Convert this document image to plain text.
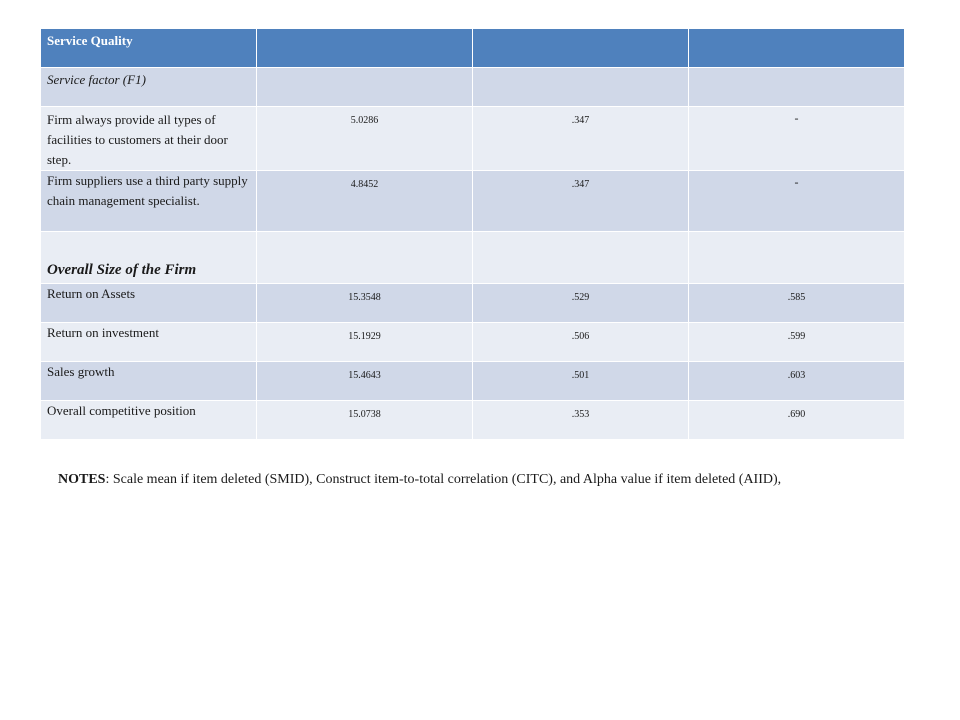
Service Quality			

Service factor (F1)			

Firm always provide all types of facilities to customers at their door step.	5.0286	.347	-

Firm suppliers use a third party supply chain management specialist.	4.8452	.347	-

Overall Size of the Firm			

Return on Assets	15.3548	.529	.585

Return on investment	15.1929	.506	.599

Sales growth	15.4643	.501	.603

Overall competitive position	15.0738	.353	.690
NOTES: Scale mean if item deleted (SMID), Construct item-to-total correlation (CITC), and Alpha value if item deleted (AIID),
